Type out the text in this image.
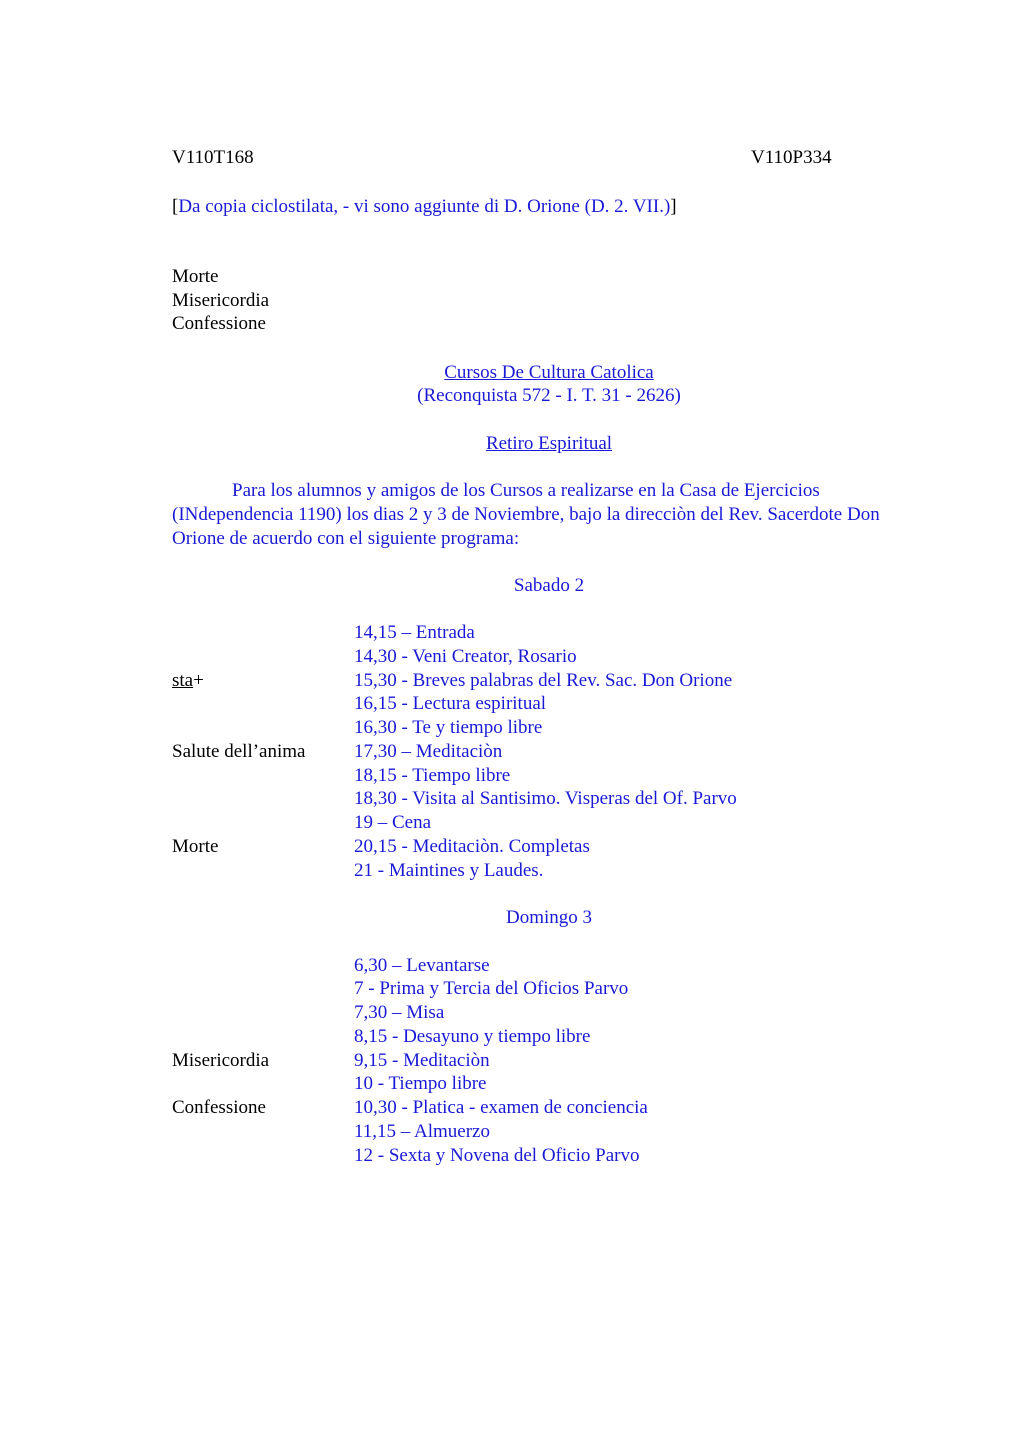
V110T168	V110P334
[Da copia ciclostilata, - vi sono aggiunte di D. Orione (D. 2. VII.)]
Morte
Misericordia
Confessione
Cursos De Cultura Catolica
(Reconquista 572 - I. T. 31 - 2626)
Retiro Espiritual
Para los alumnos y amigos de los Cursos a realizarse en la Casa de Ejercicios (INdependencia 1190) los dias 2 y 3 de Noviembre, bajo la direcciòn del Rev. Sacerdote Don Orione de acuerdo con el siguiente programa:
Sabado 2
14,15 – Entrada
14,30 - Veni Creator, Rosario
15,30 - Breves palabras del Rev. Sac. Don Orione
16,15 - Lectura espiritual
16,30 - Te y tiempo libre
17,30 – Meditaciòn
18,15 - Tiempo libre
18,30 - Visita al Santisimo. Visperas del Of. Parvo
19 – Cena
20,15 - Meditaciòn. Completas
21 - Maintines y Laudes.
sta+
Salute dell’anima
Morte
Domingo 3
6,30 – Levantarse
7 - Prima y Tercia del Oficios Parvo
7,30 – Misa
8,15 - Desayuno y tiempo libre
9,15 - Meditaciòn
10 - Tiempo libre
10,30 - Platica - examen de conciencia
11,15 – Almuerzo
12 - Sexta y Novena del Oficio Parvo
Misericordia
Confessione
